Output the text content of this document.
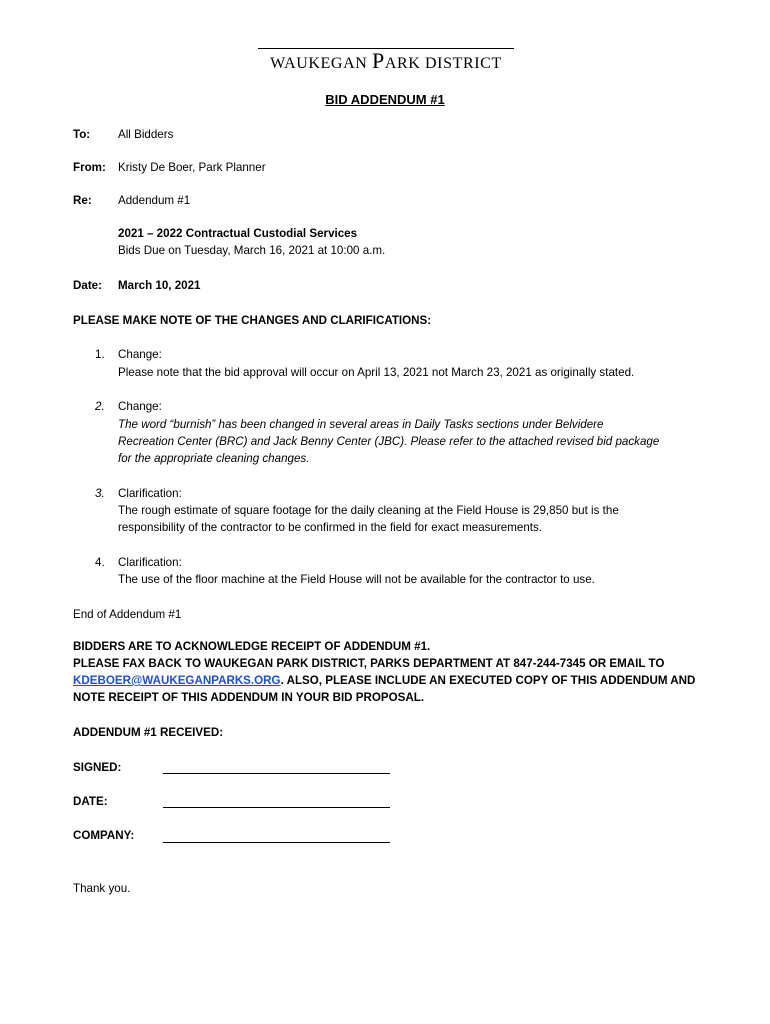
WAUKEGAN PARK DISTRICT
BID ADDENDUM #1
To: All Bidders
From: Kristy De Boer, Park Planner
Re: Addendum #1
2021 – 2022 Contractual Custodial Services
Bids Due on Tuesday, March 16, 2021 at 10:00 a.m.
Date: March 10, 2021
PLEASE MAKE NOTE OF THE CHANGES AND CLARIFICATIONS:
1. Change:
Please note that the bid approval will occur on April 13, 2021 not March 23, 2021 as originally stated.
2. Change:
The word “burnish” has been changed in several areas in Daily Tasks sections under Belvidere
Recreation Center (BRC) and Jack Benny Center (JBC). Please refer to the attached revised bid package
for the appropriate cleaning changes.
3. Clarification:
The rough estimate of square footage for the daily cleaning at the Field House is 29,850 but is the
responsibility of the contractor to be confirmed in the field for exact measurements.
4. Clarification:
The use of the floor machine at the Field House will not be available for the contractor to use.
End of Addendum #1
BIDDERS ARE TO ACKNOWLEDGE RECEIPT OF ADDENDUM #1.
PLEASE FAX BACK TO WAUKEGAN PARK DISTRICT, PARKS DEPARTMENT AT 847-244-7345 OR EMAIL TO
KDEBOER@WAUKEGANPARKS.ORG. ALSO, PLEASE INCLUDE AN EXECUTED COPY OF THIS ADDENDUM AND
NOTE RECEIPT OF THIS ADDENDUM IN YOUR BID PROPOSAL.
ADDENDUM #1 RECEIVED:
SIGNED:
DATE:
COMPANY:
Thank you.
